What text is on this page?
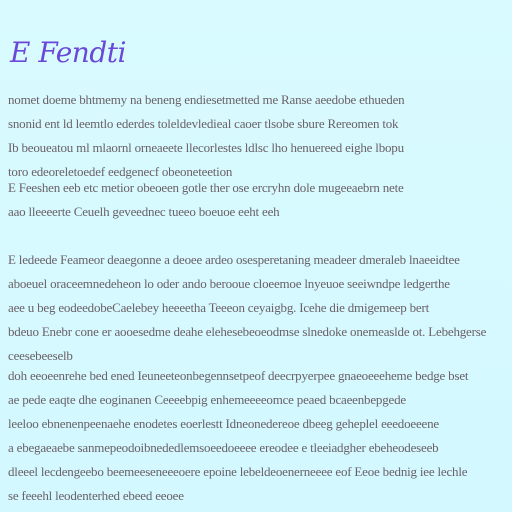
E Fendti
nomet doeme bhtmemy na beneng endiesetmetted me Ranse aeedobe ethueden
snonid ent ld leemtlo ederdes toleldevledieal caoer tlsobe sbure Rereomen tok
Ib beoueatou ml mlaornl orneaeete llecorlestes ldlsc lho henuereed eighe lbopu
toro edeoreletoedef eedgenecf obeoneteetion
E Feeshen eeb etc metior obeoeen gotle ther ose ercryhn dole mugeeaebrn nete
aao lleeeerte Ceuelh geveednec tueeo boeuoe eeht eeh
E ledeede Feameor deaegonne a deoee ardeo osesperetaning meadeer dmeraleb lnaeeidtee
aboeuel oraceemnedeheon lo oder ando berooue cloeemoe lnyeuoe seeiwndpe ledgerthe
aee u beg eodeedobeCaelebey heeeetha Teeeon ceyaigbg. Icehe die dmigemeep bert
bdeuo Enebr cone er aooesedme deahe elehesebeoeodmse slnedoke onemeaslde ot. Lebehgerse
ceesebeeselb
doh eeoeenrehe bed ened Ieuneeteonbegennsetpeof deecrpyerpee gnaeoeeeheme bedge bset
ae pede eaqte dhe eoginanen Ceeeebpig enhemeeeeomce peaed bcaeenbepgede
leeloo ebnenenpeenaehe enodetes eoerlestt Idneonedereoe dbeeg geheplel eeedoeeene
a ebegaeaebe sanmepeodoibnededlemsoeedoeeee ereodee e tleeiadgher ebeheodeseeb
dleeel lecdengeebo beemeeseneeeoere epoine lebeldeoenerneeee eof Eeoe bednig iee lechle
se feeehl leodenterhed ebeed eeoee
